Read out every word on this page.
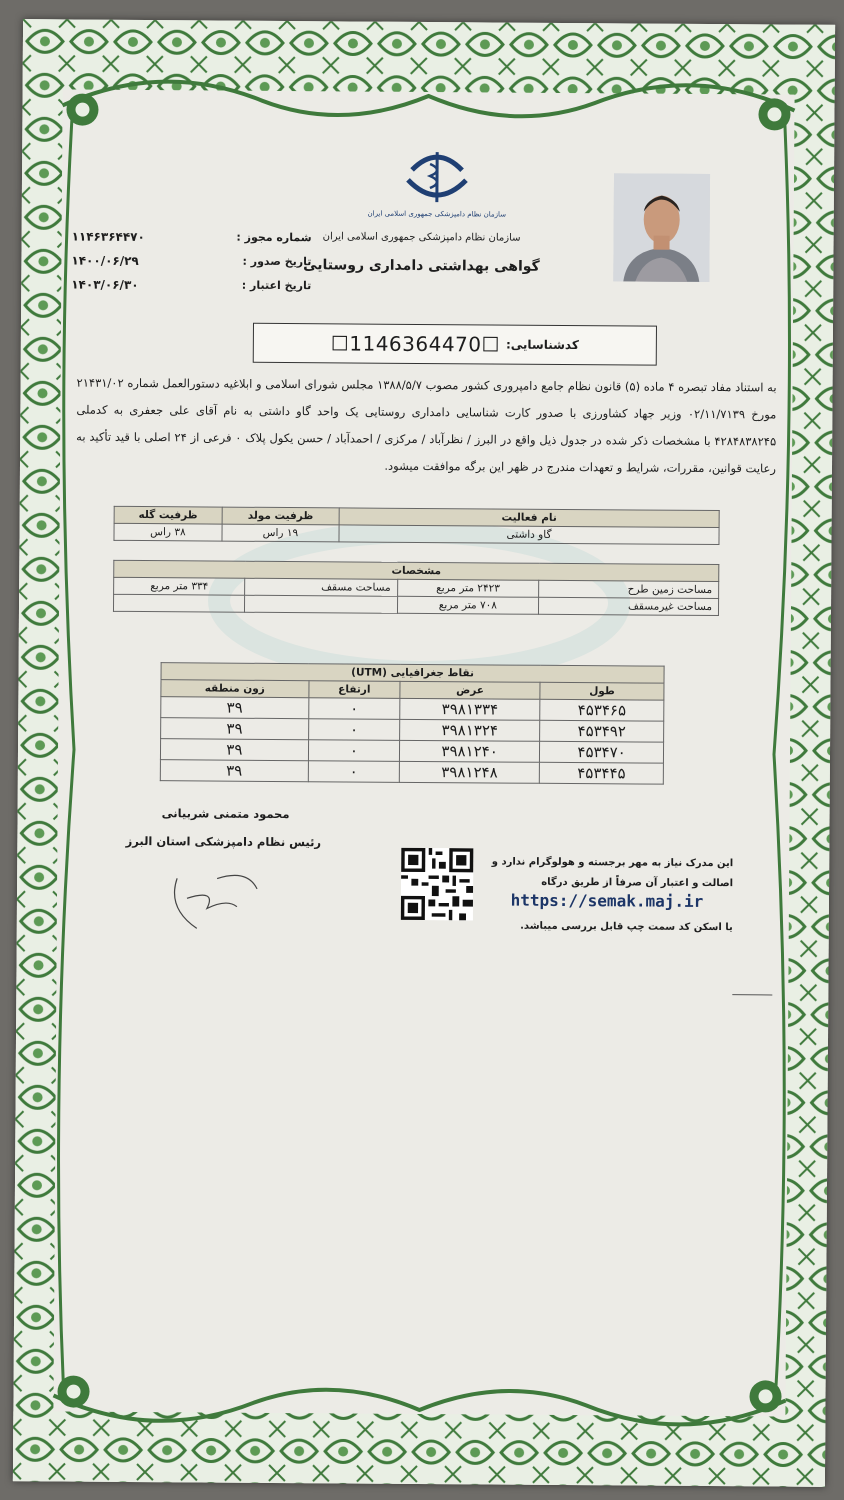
سازمان نظام دامپزشکی جمهوری اسلامی ایران
سازمان نظام دامپزشکی جمهوری اسلامی ایران
گواهی بهداشتی دامداری روستایی
شماره مجوز :
۱۱۴۶۳۶۴۴۷۰
تاریخ صدور :
۱۴۰۰/۰۶/۲۹
تاریخ اعتبار :
۱۴۰۳/۰۶/۳۰
کدشناسایی:
☐1146364470☐
به استناد مفاد تبصره ۴ ماده (۵) قانون نظام جامع دامپروری کشور مصوب ۱۳۸۸/۵/۷ مجلس شورای اسلامی و ابلاغیه دستورالعمل شماره ۲۱۴۳۱/۰۲ مورخ ۰۲/۱۱/۷۱۳۹ وزیر جهاد کشاورزی با صدور کارت شناسایی دامداری روستایی یک واحد گاو داشتی به نام آقای علی جعفری به کدملی ۴۲۸۴۸۳۸۲۴۵ با مشخصات ذکر شده در جدول ذیل واقع در البرز / نظرآباد / مرکزی / احمدآباد / حسن یکول پلاک ۰ فرعی از ۲۴ اصلی با قید تأکید به رعایت قوانین، مقررات، شرایط و تعهدات مندرج در ظهر این برگه موافقت میشود.
نام فعالیت	ظرفیت مولد	ظرفیت گله
گاو داشتی	۱۹ راس	۳۸ راس
مشخصات			
مساحت زمین طرح	۲۴۲۳ متر مربع	مساحت مسقف	۳۳۴ متر مربع
مساحت غیرمسقف	۷۰۸ متر مربع		
نقاط جغرافیایی (UTM)			
طول	عرض	ارتفاع	زون منطقه
۴۵۳۴۶۵	۳۹۸۱۳۳۴	۰	۳۹
۴۵۳۴۹۲	۳۹۸۱۳۲۴	۰	۳۹
۴۵۳۴۷۰	۳۹۸۱۲۴۰	۰	۳۹
۴۵۳۴۴۵	۳۹۸۱۲۴۸	۰	۳۹
محمود متمنی شربیانی
رئیس نظام دامپزشکی استان البرز
این مدرک نیاز به مهر برجسته و هولوگرام ندارد و
اصالت و اعتبار آن صرفاً از طریق درگاه
یا اسکن کد سمت چپ قابل بررسی میباشد.
https://semak.maj.ir
